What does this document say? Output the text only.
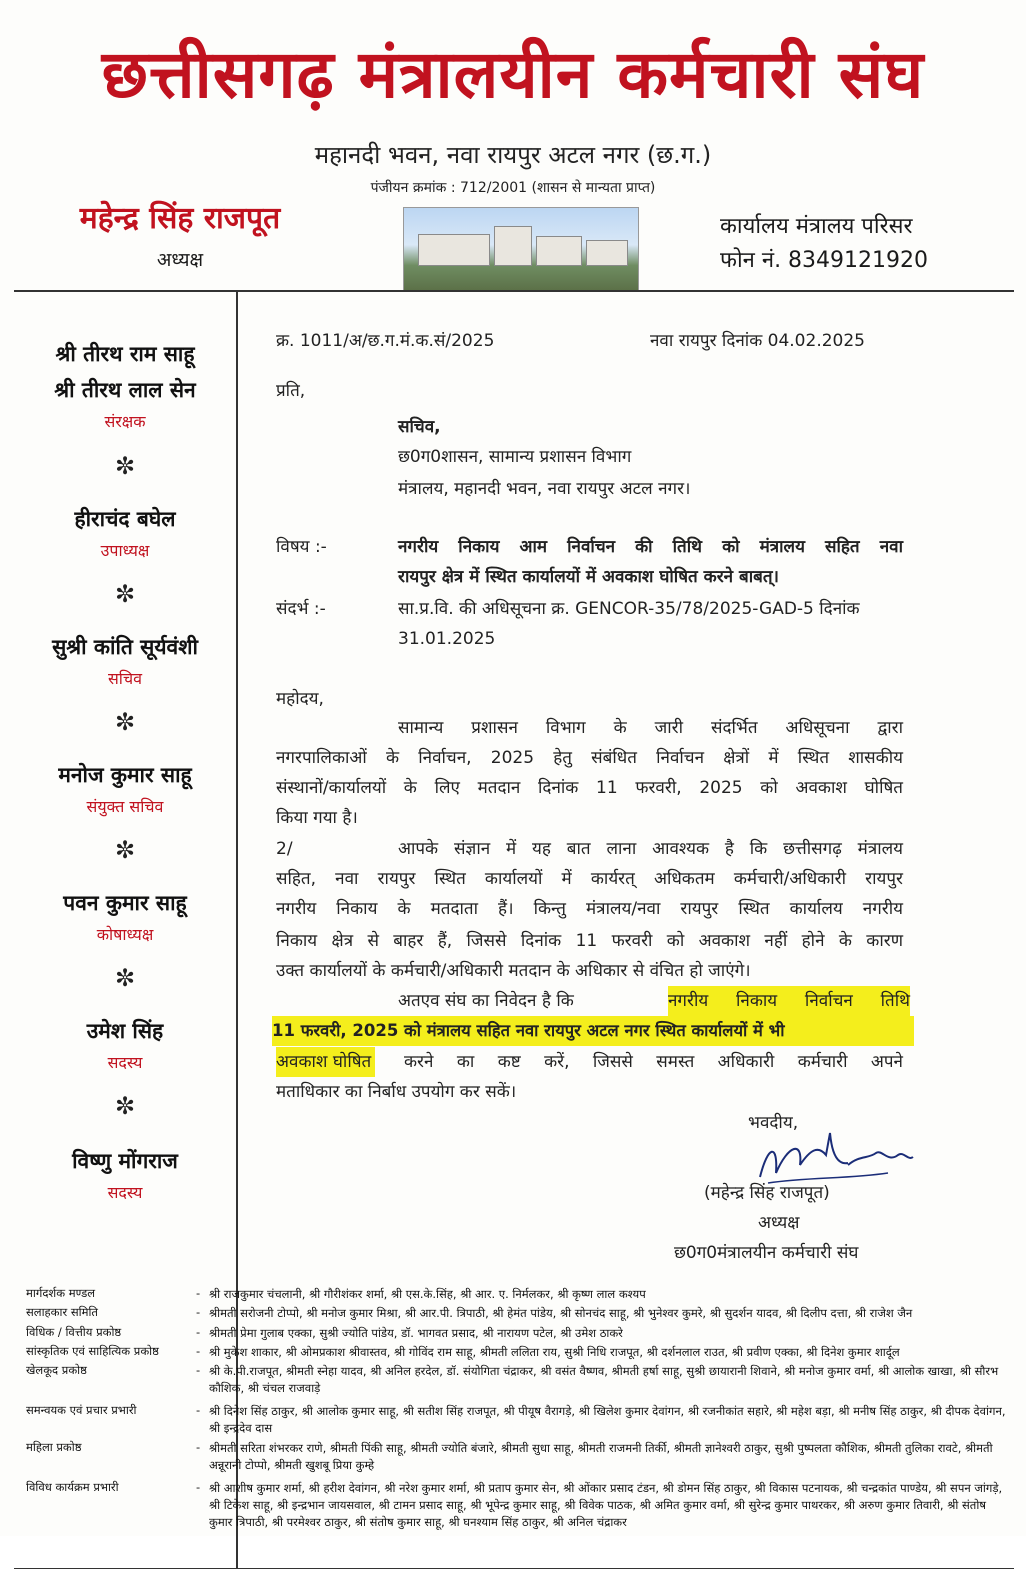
छत्तीसगढ़ मंत्रालयीन कर्मचारी संघ
महानदी भवन, नवा रायपुर अटल नगर (छ.ग.)
पंजीयन क्रमांक : 712/2001 (शासन से मान्यता प्राप्त)
महेन्द्र सिंह राजपूत
अध्यक्ष
कार्यालय मंत्रालय परिसर
फोन नं. 8349121920
श्री तीरथ राम साहू
श्री तीरथ लाल सेन
संरक्षक
✼
हीराचंद बघेल
उपाध्यक्ष
✼
सुश्री कांति सूर्यवंशी
सचिव
✼
मनोज कुमार साहू
संयुक्त सचिव
✼
पवन कुमार साहू
कोषाध्यक्ष
✼
उमेश सिंह
सदस्य
✼
विष्णु मोंगराज
सदस्य
क्र. 1011/अ/छ.ग.मं.क.सं/2025	नवा रायपुर दिनांक 04.02.2025
प्रति,
सचिव,
छ0ग0शासन, सामान्य प्रशासन विभाग
मंत्रालय, महानदी भवन, नवा रायपुर अटल नगर।
विषय :-	नगरीय निकाय आम निर्वाचन की तिथि को मंत्रालय सहित नवा
रायपुर क्षेत्र में स्थित कार्यालयों में अवकाश घोषित करने बाबत्।
संदर्भ :-	सा.प्र.वि. की अधिसूचना क्र. GENCOR-35/78/2025-GAD-5 दिनांक
31.01.2025
महोदय,
सामान्य प्रशासन विभाग के जारी संदर्भित अधिसूचना द्वारा
नगरपालिकाओं के निर्वाचन, 2025 हेतु संबंधित निर्वाचन क्षेत्रों में स्थित शासकीय
संस्थानों/कार्यालयों के लिए मतदान दिनांक 11 फरवरी, 2025 को अवकाश घोषित
किया गया है।
2/	आपके संज्ञान में यह बात लाना आवश्यक है कि छत्तीसगढ़ मंत्रालय
सहित, नवा रायपुर स्थित कार्यालयों में कार्यरत् अधिकतम कर्मचारी/अधिकारी रायपुर
नगरीय निकाय के मतदाता हैं। किन्तु मंत्रालय/नवा रायपुर स्थित कार्यालय नगरीय
निकाय क्षेत्र से बाहर हैं, जिससे दिनांक 11 फरवरी को अवकाश नहीं होने के कारण
उक्त कार्यालयों के कर्मचारी/अधिकारी मतदान के अधिकार से वंचित हो जाएंगे।
अतएव संघ का निवेदन है कि	नगरीय निकाय निर्वाचन तिथि
11 फरवरी, 2025 को मंत्रालय सहित नवा रायपुर अटल नगर स्थित कार्यालयों में भी
अवकाश घोषित करने का कष्ट करें, जिससे समस्त अधिकारी कर्मचारी अपने
मताधिकार का निर्बाध उपयोग कर सकें।
भवदीय,
(महेन्द्र सिंह राजपूत)
अध्यक्ष
छ0ग0मंत्रालयीन कर्मचारी संघ
मार्गदर्शक मण्डल	- श्री राजकुमार चंचलानी, श्री गौरीशंकर शर्मा, श्री एस.के.सिंह, श्री आर. ए. निर्मलकर, श्री कृष्ण लाल कश्यप
सलाहकार समिति	- श्रीमती सरोजनी टोप्पो, श्री मनोज कुमार मिश्रा, श्री आर.पी. त्रिपाठी, श्री हेमंत पांडेय, श्री सोनचंद साहू, श्री भुनेश्वर कुमरे, श्री सुदर्शन यादव, श्री दिलीप दत्ता, श्री राजेश जैन
विधिक / वित्तीय प्रकोष्ठ	- श्रीमती प्रेमा गुलाब एक्का, सुश्री ज्योति पांडेय, डॉ. भागवत प्रसाद, श्री नारायण पटेल, श्री उमेश ठाकरे
सांस्कृतिक एवं साहित्यिक प्रकोष्ठ	- श्री मुकेश शाकार, श्री ओमप्रकाश श्रीवास्तव, श्री गोविंद राम साहू, श्रीमती ललिता राय, सुश्री निधि राजपूत, श्री दर्शनलाल राउत, श्री प्रवीण एक्का, श्री दिनेश कुमार शार्दूल
खेलकूद प्रकोष्ठ	- श्री के.पी.राजपूत, श्रीमती स्नेहा यादव, श्री अनिल हरदेल, डॉ. संयोगिता चंद्राकर, श्री वसंत वैष्णव, श्रीमती हर्षा साहू, सुश्री छायारानी शिवाने, श्री मनोज कुमार वर्मा, श्री आलोक खाखा, श्री सौरभ कौशिक, श्री चंचल राजवाड़े
समन्वयक एवं प्रचार प्रभारी	- श्री दिनेश सिंह ठाकुर, श्री आलोक कुमार साहू, श्री सतीश सिंह राजपूत, श्री पीयूष वैरागड़े, श्री खिलेश कुमार देवांगन, श्री रजनीकांत सहारे, श्री महेश बड़ा, श्री मनीष सिंह ठाकुर, श्री दीपक देवांगन, श्री इन्द्रदेव दास
महिला प्रकोष्ठ	- श्रीमती सरिता शंभरकर राणे, श्रीमती पिंकी साहू, श्रीमती ज्योति बंजारे, श्रीमती सुधा साहू, श्रीमती राजमनी तिर्की, श्रीमती ज्ञानेश्वरी ठाकुर, सुश्री पुष्पलता कौशिक, श्रीमती तुलिका रावटे, श्रीमती अन्नूरानी टोप्पो, श्रीमती खुशबू प्रिया कुम्हे
विविध कार्यक्रम प्रभारी	- श्री आशीष कुमार शर्मा, श्री हरीश देवांगन, श्री नरेश कुमार शर्मा, श्री प्रताप कुमार सेन, श्री ओंकार प्रसाद टंडन, श्री डोमन सिंह ठाकुर, श्री विकास पटनायक, श्री चन्द्रकांत पाण्डेय, श्री सपन जांगड़े, श्री टिकेश साहू, श्री इन्द्रभान जायसवाल, श्री टामन प्रसाद साहू, श्री भूपेन्द्र कुमार साहू, श्री विवेक पाठक, श्री अमित कुमार वर्मा, श्री सुरेन्द्र कुमार पाथरकर, श्री अरुण कुमार तिवारी, श्री संतोष कुमार त्रिपाठी, श्री परमेश्वर ठाकुर, श्री संतोष कुमार साहू, श्री घनश्याम सिंह ठाकुर, श्री अनिल चंद्राकर
